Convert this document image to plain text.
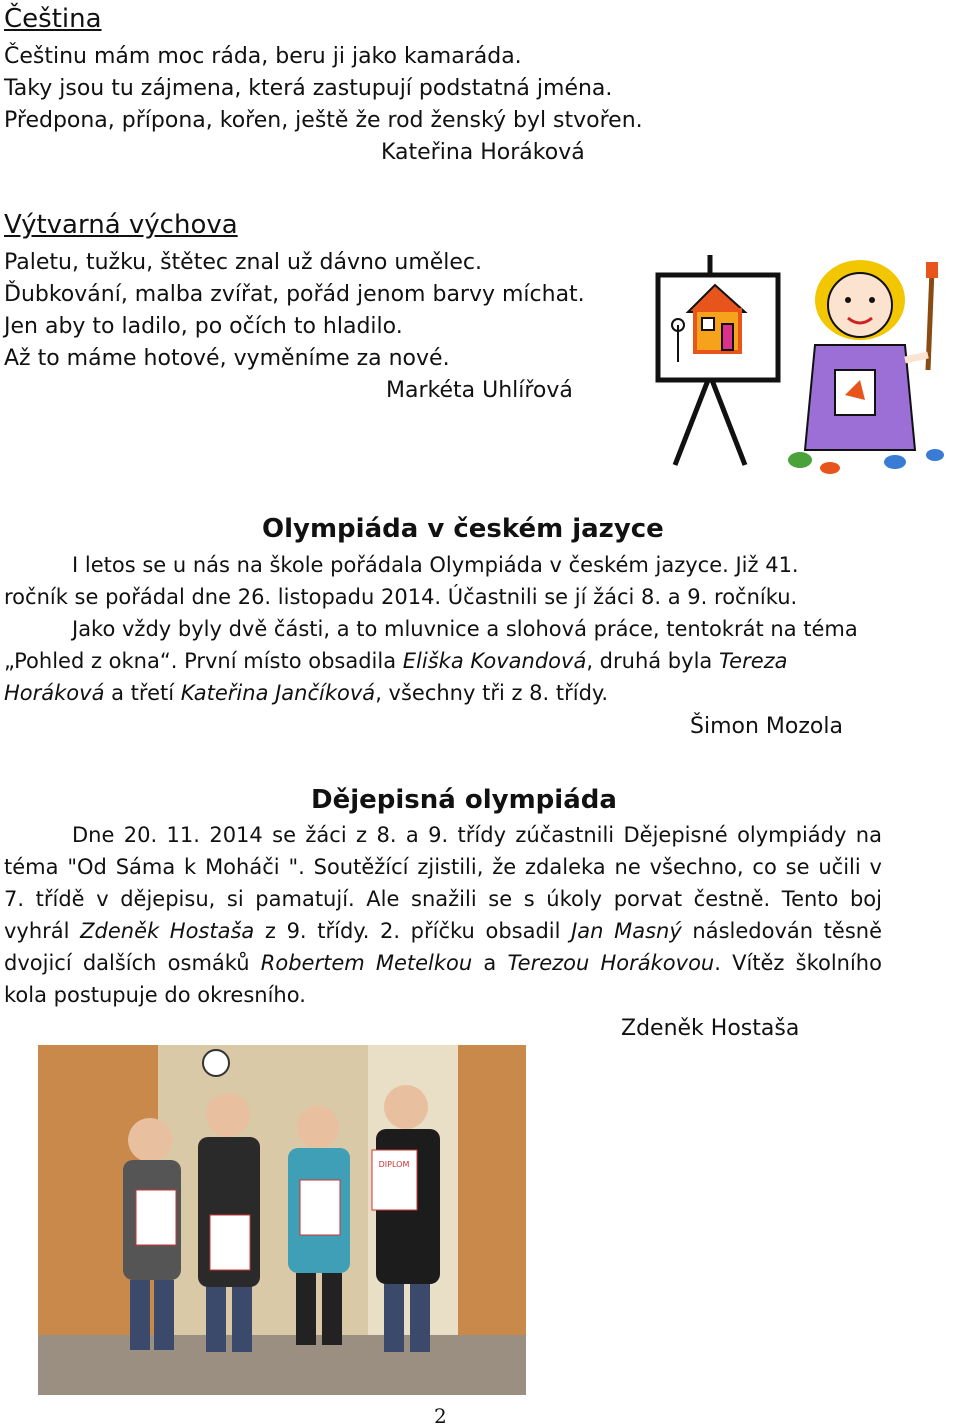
Čeština
Češtinu mám moc ráda, beru ji jako kamaráda.
Taky jsou tu zájmena, která zastupují podstatná jména.
Předpona, přípona, kořen, ještě že rod ženský byl stvořen.
Kateřina Horáková
Výtvarná výchova
Paletu, tužku, štětec znal už dávno umělec.
Ďubkování, malba zvířat, pořád jenom barvy míchat.
Jen aby to ladilo, po očích to hladilo.
Až to máme hotové, vyměníme za nové.
Markéta Uhlířová
Olympiáda v českém jazyce
I letos se u nás na škole pořádala Olympiáda v českém jazyce. Již 41.
ročník se pořádal dne 26. listopadu 2014. Účastnili se jí žáci 8. a 9. ročníku.
Jako vždy byly dvě části, a to mluvnice a slohová práce, tentokrát na téma
„Pohled z okna“. První místo obsadila Eliška Kovandová, druhá byla Tereza
Horáková a třetí Kateřina Jančíková, všechny tři z 8. třídy.
Šimon Mozola
Dějepisná olympiáda
Dne 20. 11. 2014 se žáci z 8. a 9. třídy zúčastnili Dějepisné olympiády na
téma "Od Sáma k Moháči ". Soutěžící zjistili, že zdaleka ne všechno, co se učili v
7. třídě v dějepisu, si pamatují. Ale snažili se s úkoly porvat čestně. Tento boj
vyhrál Zdeněk Hostaša z 9. třídy. 2. příčku obsadil Jan Masný následován těsně
dvojicí dalších osmáků Robertem Metelkou a Terezou Horákovou. Vítěz školního
kola postupuje do okresního.
Zdeněk Hostaša
DIPLOM
2
